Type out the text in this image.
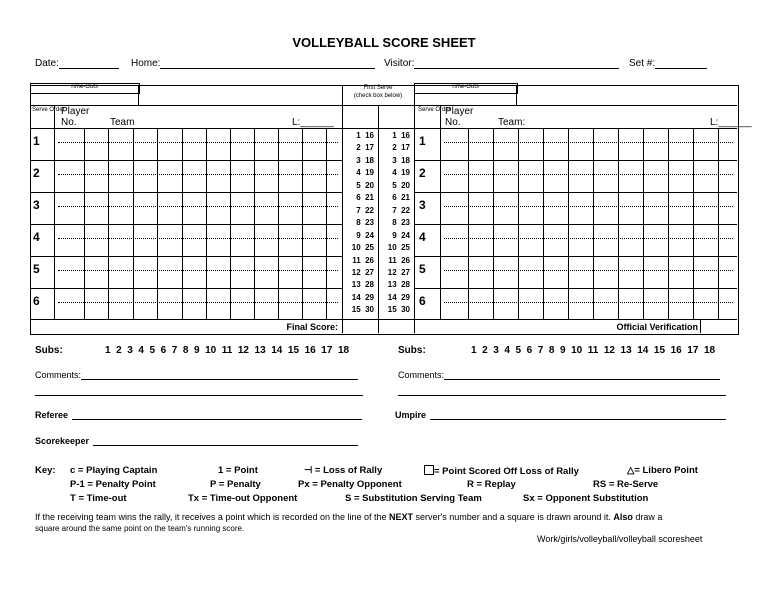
VOLLEYBALL SCORE SHEET
Date:	Home:	Visitor:	Set #:
Time-Outs	Time-Outs
First Serve
(check box below)
Serve Order
Player
No.	Team	L:______
Serve Order
Player
No.	Team:	L:______
1	1
2	2
3	3
4	4
5	5
6	6
1  16	1  16
2  17	2  17
3  18	3  18
4  19	4  19
5  20	5  20
6  21	6  21
7  22	7  22
8  23	8  23
9  24	9  24
10  25	10  25
11  26	11  26
12  27	12  27
13  28	13  28
14  29	14  29
15  30	15  30
Final Score:	Official Verification
Subs:	1  2  3  4  5  6  7  8  9  10  11  12  13  14  15  16  17  18	Subs:	1  2  3  4  5  6  7  8  9  10  11  12  13  14  15  16  17  18
Comments:	Comments:
Referee	Umpire
Scorekeeper
Key: c = Playing Captain	1 = Point	⊣ = Loss of Rally	= Point Scored Off Loss of Rally	△= Libero Point
P-1 = Penalty Point	P = Penalty	Px = Penalty Opponent	R = Replay	RS = Re-Serve
T = Time-out	Tx = Time-out Opponent	S = Substitution Serving Team	Sx = Opponent Substitution
If the receiving team wins the rally, it receives a point which is recorded on the line of the NEXT server's number and a square is drawn around it. Also draw a
square around the same point on the team's running score.
Work/girls/volleyball/volleyball scoresheet
